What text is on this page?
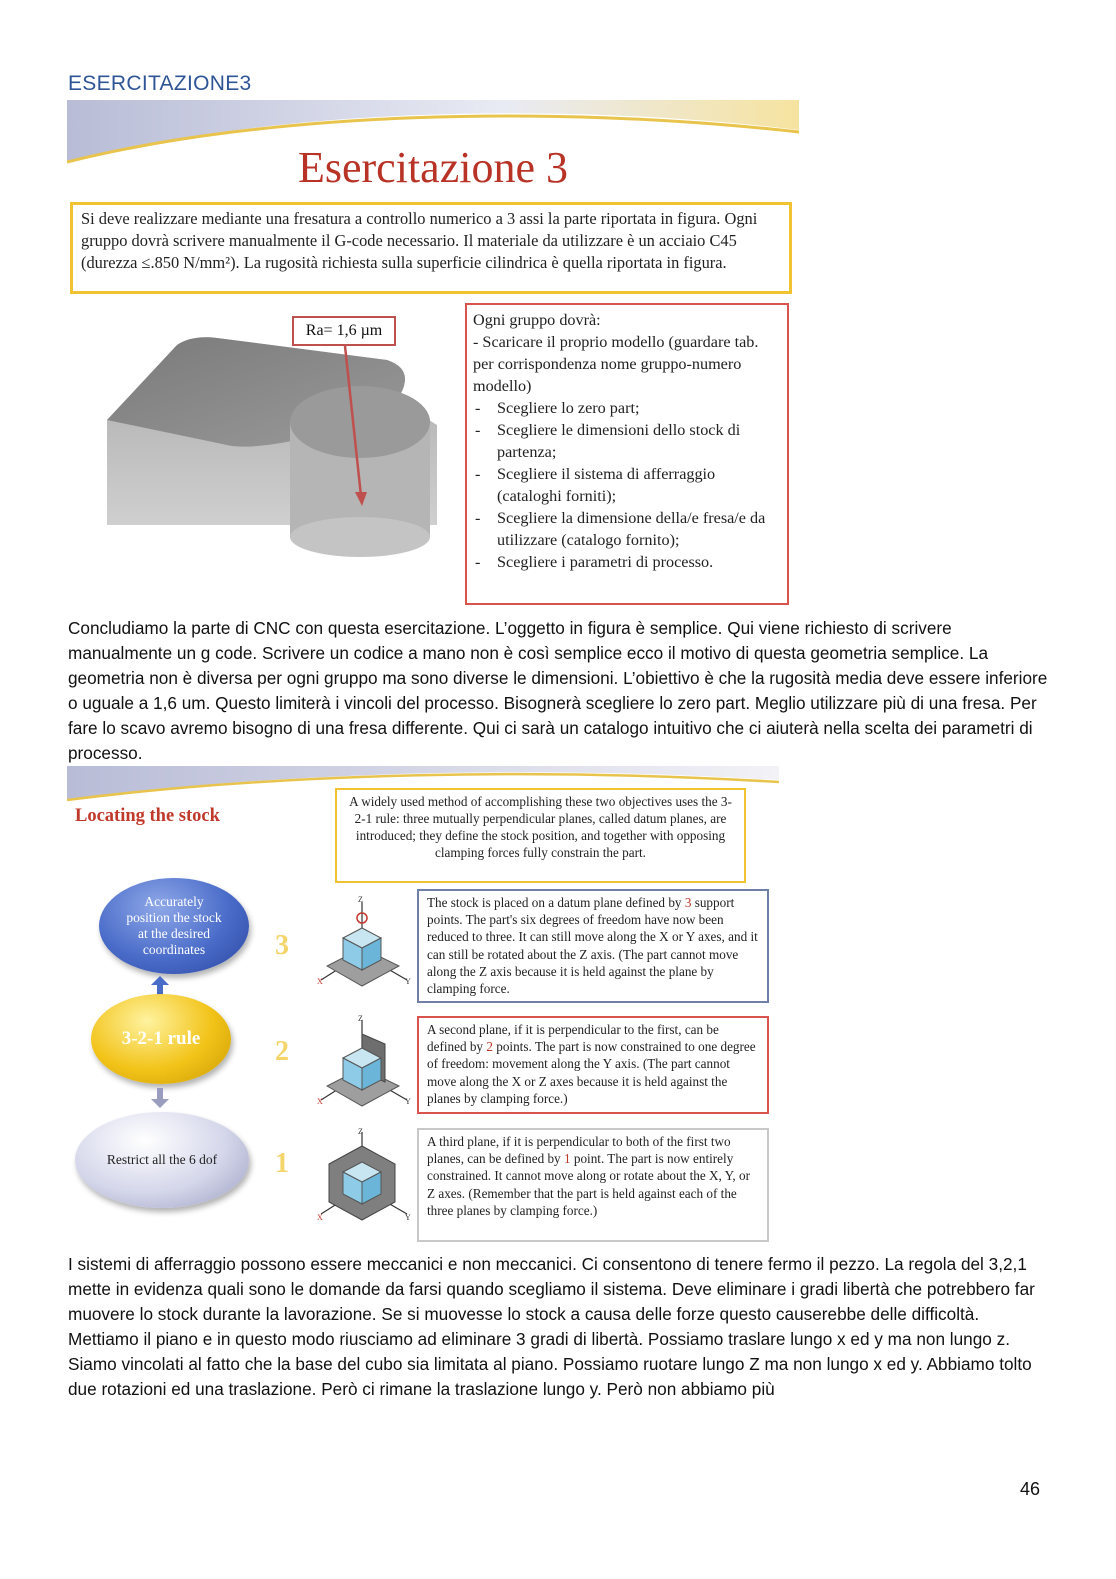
ESERCITAZIONE3
Esercitazione 3
Si deve realizzare mediante una fresatura a controllo numerico a 3 assi la parte riportata in figura. Ogni gruppo dovrà scrivere manualmente il G-code necessario. Il materiale da utilizzare è un acciaio C45 (durezza ≤.850 N/mm²). La rugosità richiesta sulla superficie cilindrica è quella riportata in figura.
Ra= 1,6 µm

Ogni gruppo dovrà:

- Scaricare il proprio modello (guardare tab. per corrispondenza nome gruppo-numero modello)

- Scegliere lo zero part;
- Scegliere le dimensioni dello stock di partenza;
- Scegliere il sistema di afferraggio (cataloghi forniti);
- Scegliere la dimensione della/e fresa/e da utilizzare (catalogo fornito);
- Scegliere i parametri di processo.

Concludiamo la parte di CNC con questa esercitazione. L’oggetto in figura è semplice. Qui viene richiesto di scrivere manualmente un g code. Scrivere un codice a mano non è così semplice ecco il motivo di questa geometria semplice. La geometria non è diversa per ogni gruppo ma sono diverse le dimensioni. L’obiettivo è che la rugosità media deve essere inferiore o uguale a 1,6 um. Questo limiterà i vincoli del processo. Bisognerà scegliere lo zero part. Meglio utilizzare più di una fresa. Per fare lo scavo avremo bisogno di una fresa differente. Qui ci sarà un catalogo intuitivo che ci aiuterà nella scelta dei parametri di processo.

Locating the stock
A widely used method of accomplishing these two objectives uses the 3-2-1 rule: three mutually perpendicular planes, called datum planes, are introduced; they define the stock position, and together with opposing clamping forces fully constrain the part.
Accurately position the stock at the desired coordinates
3-2-1 rule
Restrict all the 6 dof
3
2
1
X	Y
Z
X	Y
Z
X	Y
Z
The stock is placed on a datum plane defined by 3 support points. The part's six degrees of freedom have now been reduced to three. It can still move along the X or Y axes, and it can still be rotated about the Z axis. (The part cannot move along the Z axis because it is held against the plane by clamping force.
A second plane, if it is perpendicular to the first, can be defined by 2 points. The part is now constrained to one degree of freedom: movement along the Y axis. (The part cannot move along the X or Z axes because it is held against the planes by clamping force.)
A third plane, if it is perpendicular to both of the first two planes, can be defined by 1 point. The part is now entirely constrained. It cannot move along or rotate about the X, Y, or Z axes. (Remember that the part is held against each of the three planes by clamping force.)

I sistemi di afferraggio possono essere meccanici e non meccanici. Ci consentono di tenere fermo il pezzo. La regola del 3,2,1 mette in evidenza quali sono le domande da farsi quando scegliamo il sistema. Deve eliminare i gradi libertà che potrebbero far muovere lo stock durante la lavorazione. Se si muovesse lo stock a causa delle forze questo causerebbe delle difficoltà.

Mettiamo il piano e in questo modo riusciamo ad eliminare 3 gradi di libertà. Possiamo traslare lungo x ed y ma non lungo z. Siamo vincolati al fatto che la base del cubo sia limitata al piano. Possiamo ruotare lungo Z ma non lungo x ed y. Abbiamo tolto due rotazioni ed una traslazione. Però ci rimane la traslazione lungo y. Però non abbiamo più

46
